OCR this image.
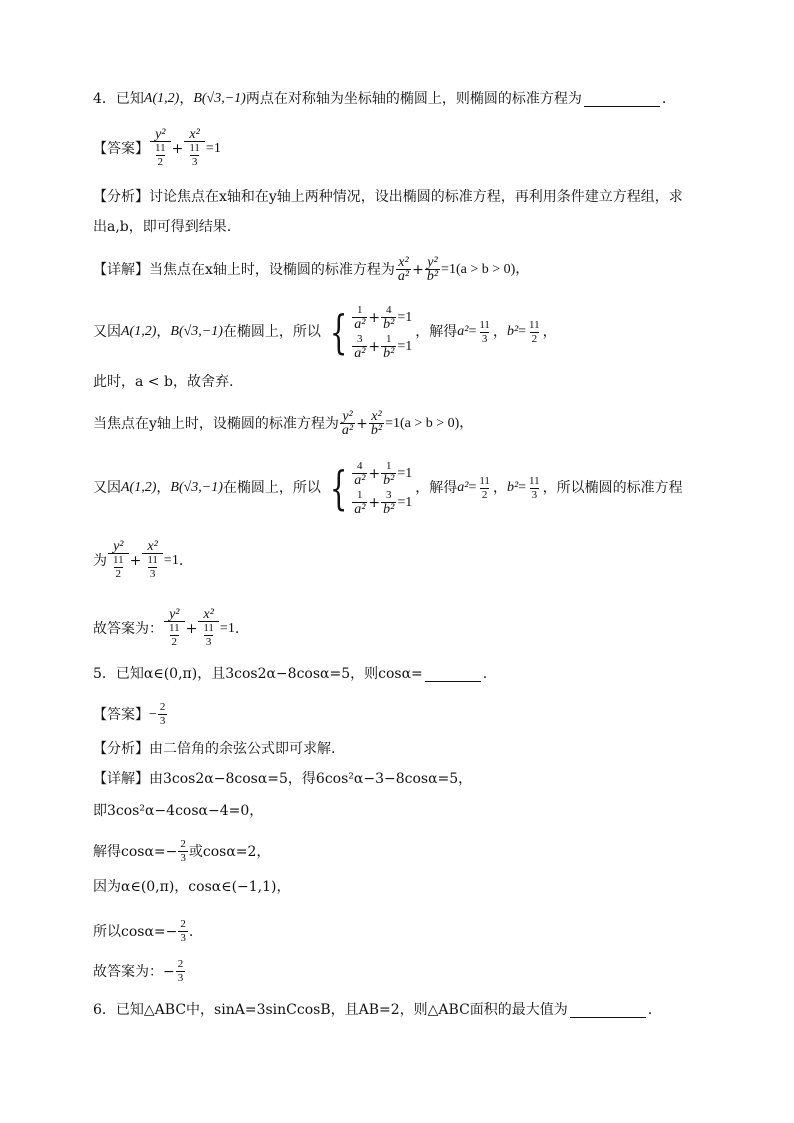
4．已知 A(1,2) ， B(√3,−1) 两点在对称轴为坐标轴的椭圆上，则椭圆的标准方程为	.
【答案】 $\frac{\text{y²}}{\frac{11}{2}} + \frac{\text{x²}}{\frac{11}{3}} =1$
【分析】 讨论焦点在x轴和在y轴上两种情况，设出椭圆的标准方程，再利用条件建立方程组，求
出a,b，即可得到结果.
【详解】 当焦点在x轴上时，设椭圆的标准方程为 $\frac{\text{x²}}{\text{a²}} + \frac{\text{y²}}{\text{b²}} =1(a > b > 0)$，
又因 A(1,2) ， B(√3,−1) 在椭圆上，所以 { $\frac{1}{\text{a²}} + \frac{4}{\text{b²}} =1$
$\frac{3}{\text{a²}} + \frac{1}{\text{b²}} =1$
，解得 $a^2 = \frac{11}{3}$ ， $b^2 = \frac{11}{2}$ ，
此时，a < b，故舍弃.
当焦点在y轴上时，设椭圆的标准方程为 $\frac{\text{y²}}{\text{a²}} + \frac{\text{x²}}{\text{b²}} =1(a > b > 0)$，
又因 A(1,2) ， B(√3,−1) 在椭圆上，所以 { $\frac{4}{\text{a²}} + \frac{1}{\text{b²}} =1$
$\frac{1}{\text{a²}} + \frac{3}{\text{b²}} =1$
，解得 $a^2 = \frac{11}{2}$ ， $b^2 = \frac{11}{3}$ ，所以椭圆的标准方程
为 $\frac{\text{y²}}{\frac{11}{2}} + \frac{\text{x²}}{\frac{11}{3}} =1$ .
故答案为： $\frac{\text{y²}}{\frac{11}{2}} + \frac{\text{x²}}{\frac{11}{3}} =1$ .
5．已知α∈(0,π)，且3cos2α−8cosα=5，则cosα=	.
【答案】 − $\frac{2}{3}$
【分析】 由二倍角的余弦公式即可求解.
【详解】 由3cos2α−8cosα=5，得6cos²α−3−8cosα=5，
即3cos²α−4cosα−4=0，
解得$\cos\alpha=- \frac{2}{3}$ 或cosα=2，
因为α∈(0,π)，cosα∈(−1,1)，
所以$\cos\alpha=- \frac{2}{3}$ .
故答案为：− $\frac{2}{3}$
6．已知△ABC中，sinA=3sinCcosB，且AB=2，则△ABC面积的最大值为	.
